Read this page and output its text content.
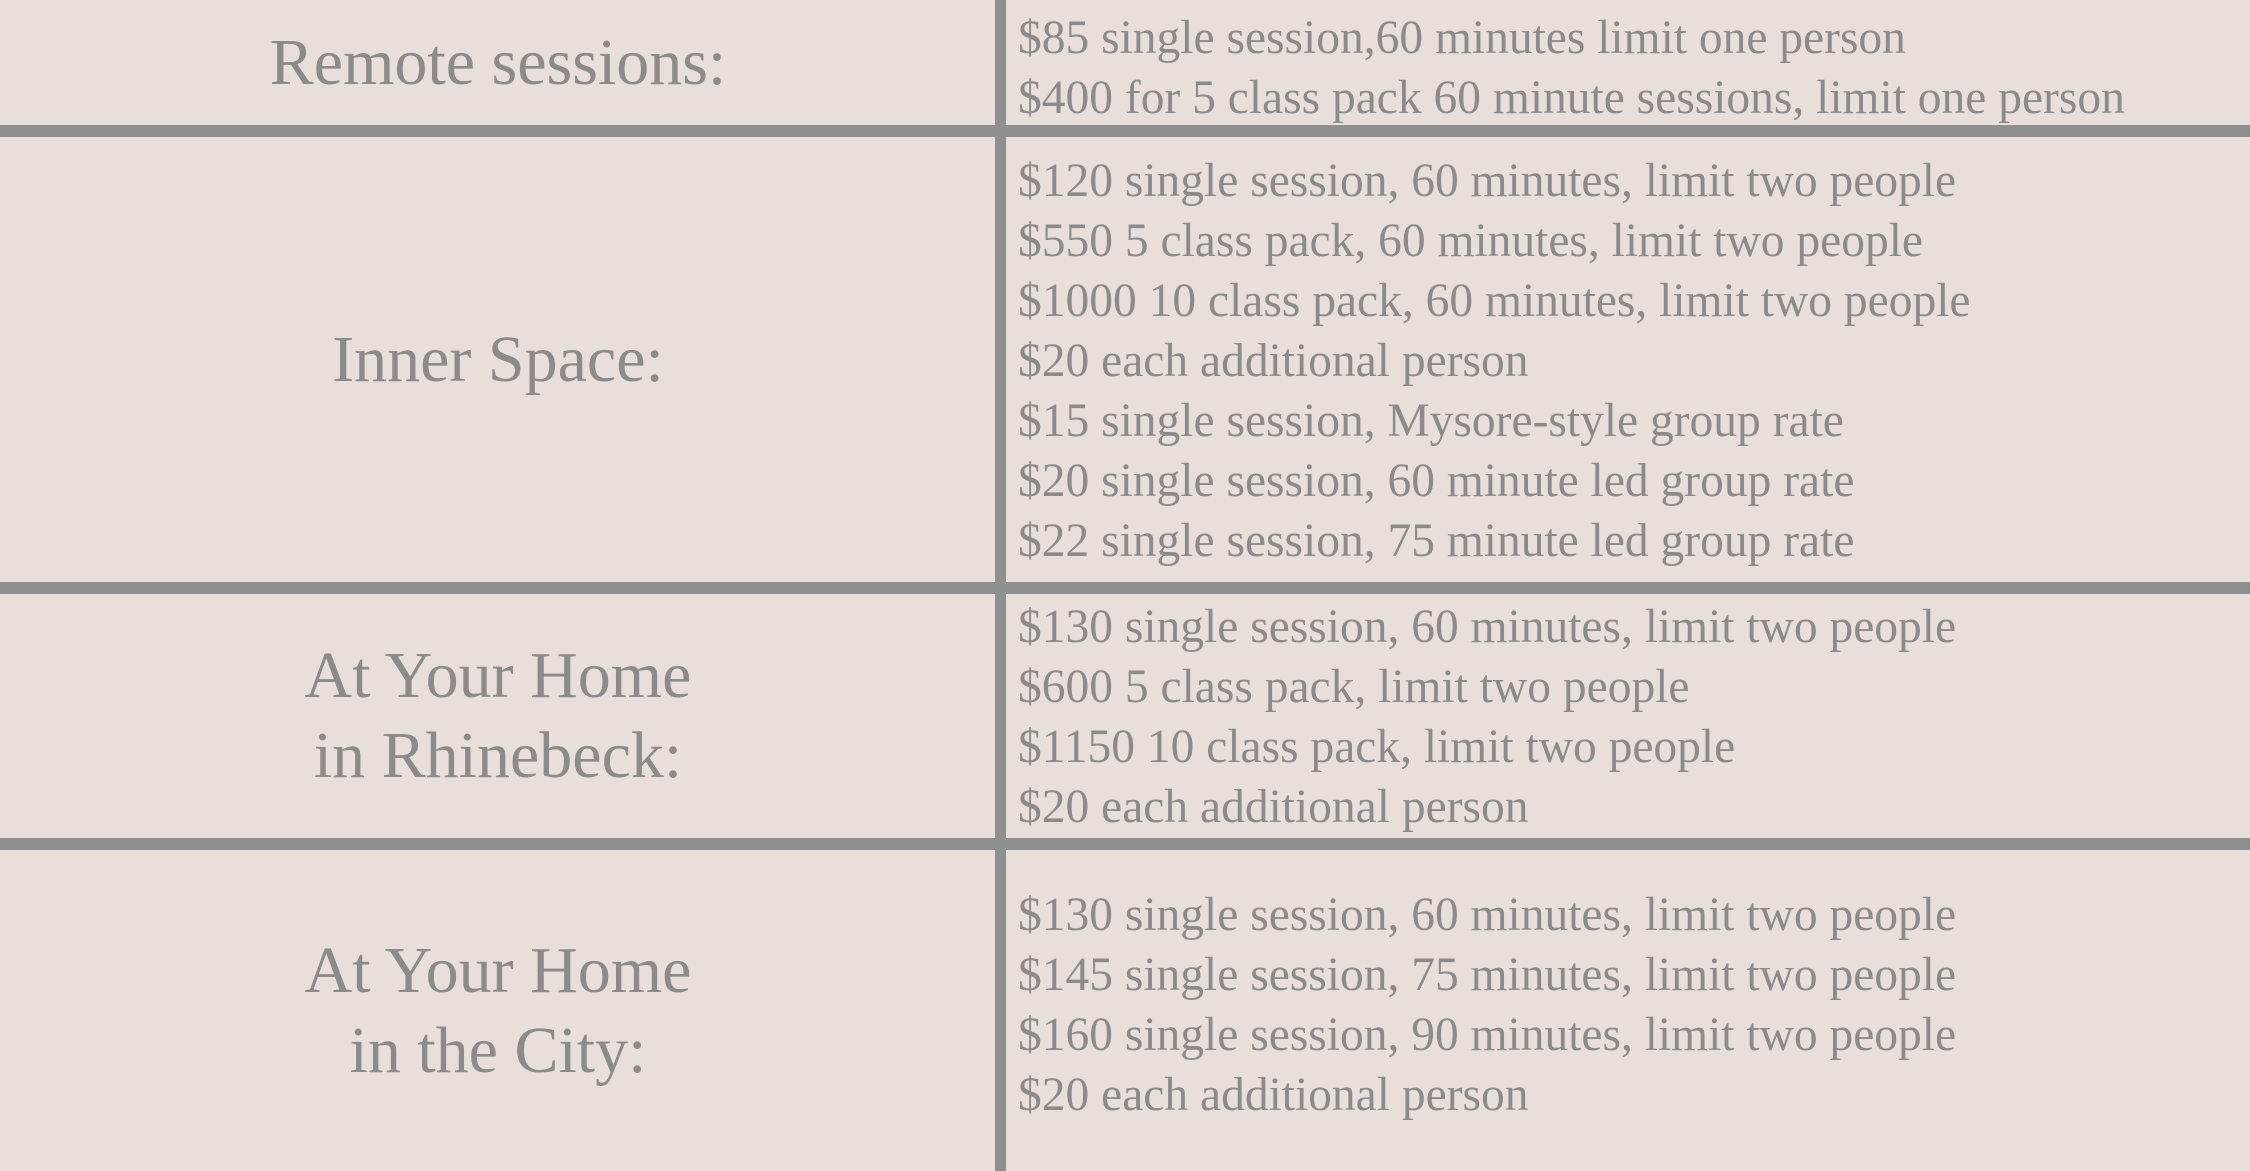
Remote sessions:	$85 single session,60 minutes limit one person
$400 for 5 class pack 60 minute sessions, limit one person
Inner Space:
$120 single session, 60 minutes, limit two people
$550 5 class pack, 60 minutes, limit two people
$1000 10 class pack, 60 minutes, limit two people
$20 each additional person
$15 single session, Mysore-style group rate
$20 single session, 60 minute led group rate
$22 single session, 75 minute led group rate
At Your Home
in Rhinebeck:
$130 single session, 60 minutes, limit two people
$600 5 class pack, limit two people
$1150 10 class pack, limit two people
$20 each additional person
At Your Home
in the City:
$130 single session, 60 minutes, limit two people
$145 single session, 75 minutes, limit two people
$160 single session, 90 minutes, limit two people
$20 each additional person
